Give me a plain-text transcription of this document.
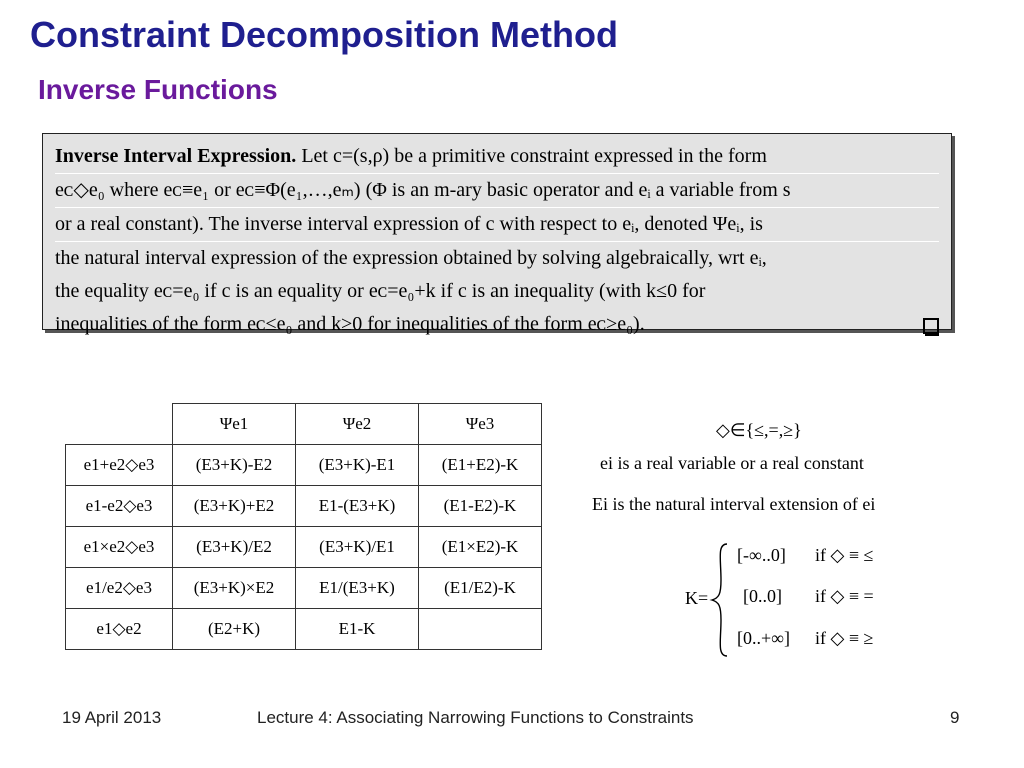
Constraint Decomposition Method
Inverse Functions
Inverse Interval Expression. Let c=(s,ρ) be a primitive constraint expressed in the form
eᴄ◇e₀ where eᴄ≡e₁ or eᴄ≡Φ(e₁,…,eₘ) (Φ is an m-ary basic operator and eᵢ a variable from s
or a real constant). The inverse interval expression of c with respect to eᵢ, denoted Ψeᵢ, is
the natural interval expression of the expression obtained by solving algebraically, wrt eᵢ,
the equality eᴄ=e₀ if c is an equality or eᴄ=e₀+k if c is an inequality (with k≤0 for
inequalities of the form eᴄ≤e₀ and k≥0 for inequalities of the form eᴄ≥e₀).
	Ψe1	Ψe2	Ψe3
e1+e2◇e3	(E3+K)-E2	(E3+K)-E1	(E1+E2)-K
e1-e2◇e3	(E3+K)+E2	E1-(E3+K)	(E1-E2)-K
e1×e2◇e3	(E3+K)/E2	(E3+K)/E1	(E1×E2)-K
e1/e2◇e3	(E3+K)×E2	E1/(E3+K)	(E1/E2)-K
e1◇e2	(E2+K)	E1-K	
◇∈{≤,=,≥}
ei is a real variable or a real constant
Ei is the natural interval extension of ei
K=
[-∞..0] if ◇ ≡ ≤
[0..0] if ◇ ≡ =
[0..+∞] if ◇ ≡ ≥
19 April 2013	Lecture 4: Associating Narrowing Functions to Constraints	9
